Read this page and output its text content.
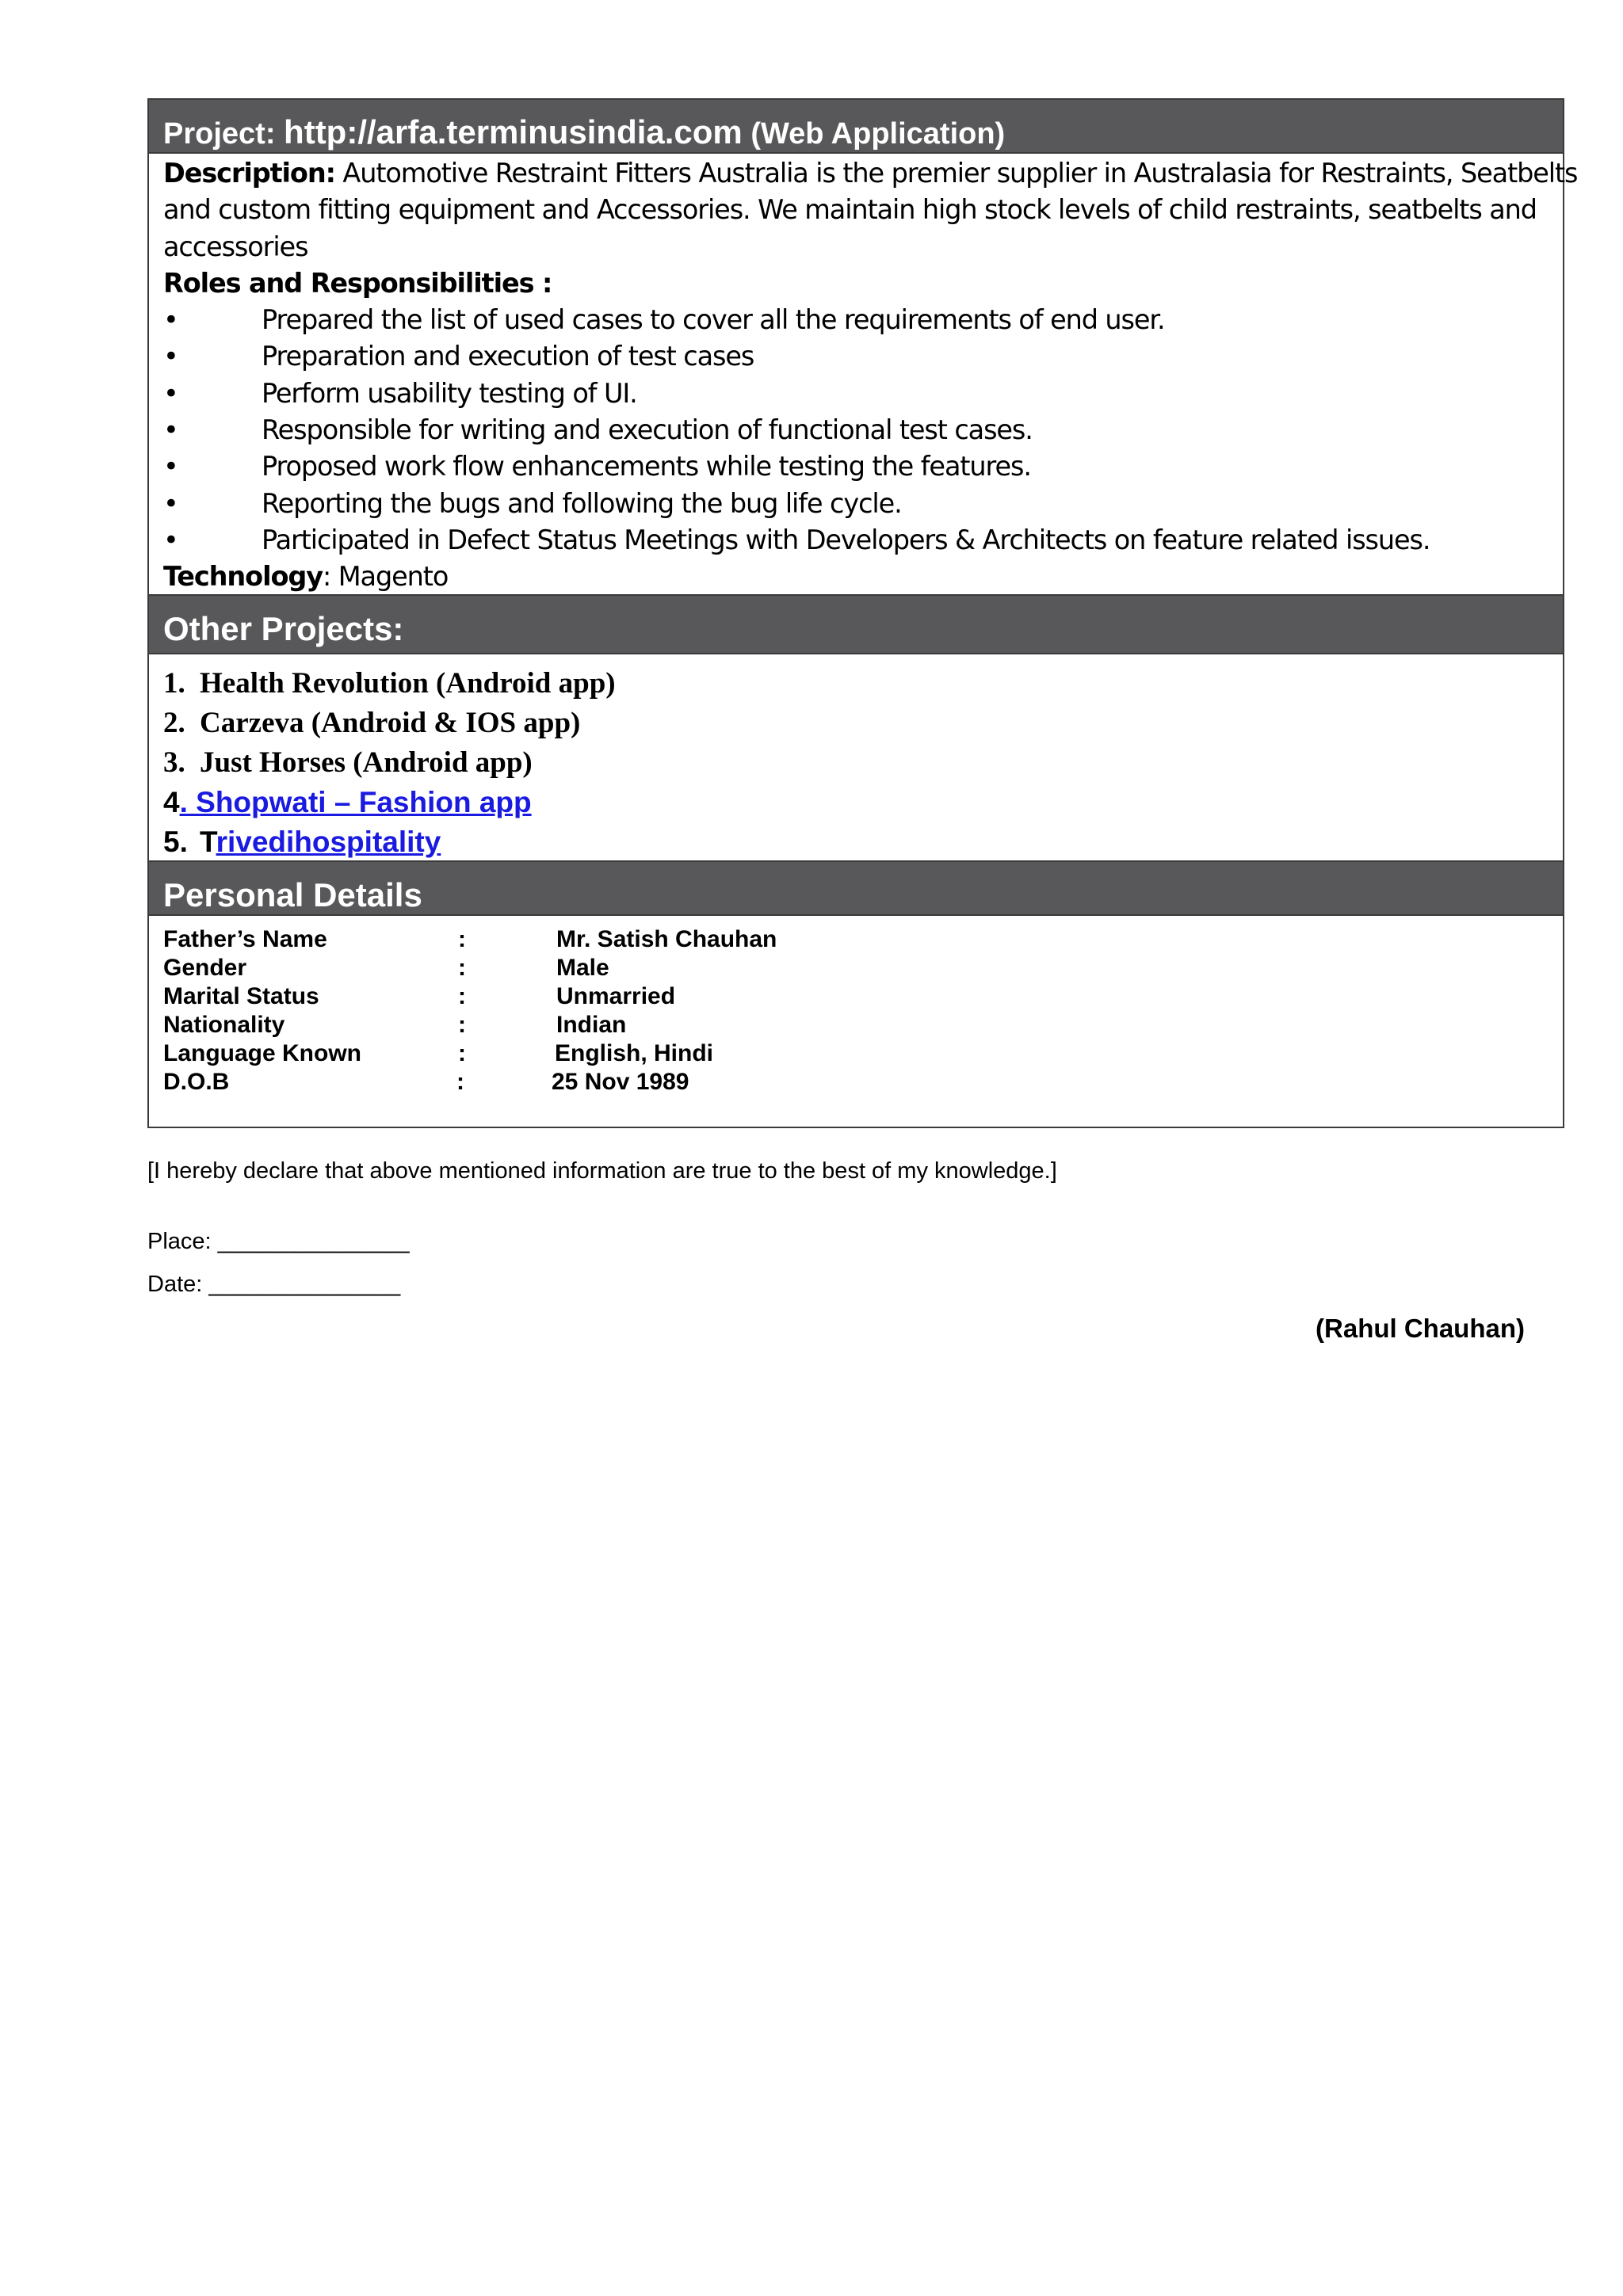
Project: http://arfa.terminusindia.com (Web Application)
Description: Automotive Restraint Fitters Australia is the premier supplier in Australasia for Restraints, Seatbelts
and custom fitting equipment and Accessories. We maintain high stock levels of child restraints, seatbelts and
accessories
Roles and Responsibilities :
•	Prepared the list of used cases to cover all the requirements of end user.
•	Preparation and execution of test cases
•	Perform usability testing of UI.
•	Responsible for writing and execution of functional test cases.
•	Proposed work flow enhancements while testing the features.
•	Reporting the bugs and following the bug life cycle.
•	Participated in Defect Status Meetings with Developers & Architects on feature related issues.
Technology: Magento
Other Projects:
1. Health Revolution (Android app)
2. Carzeva (Android & IOS app)
3. Just Horses (Android app)
4. Shopwati – Fashion app
5. Trivedihospitality
Personal Details
Father’s Name	:	Mr. Satish Chauhan
Gender	:	Male
Marital Status	:	Unmarried
Nationality	:	Indian
Language Known	:	English, Hindi
D.O.B	:	25 Nov 1989
[I hereby declare that above mentioned information are true to the best of my knowledge.]
Place: _______________
Date: _______________
(Rahul Chauhan)
